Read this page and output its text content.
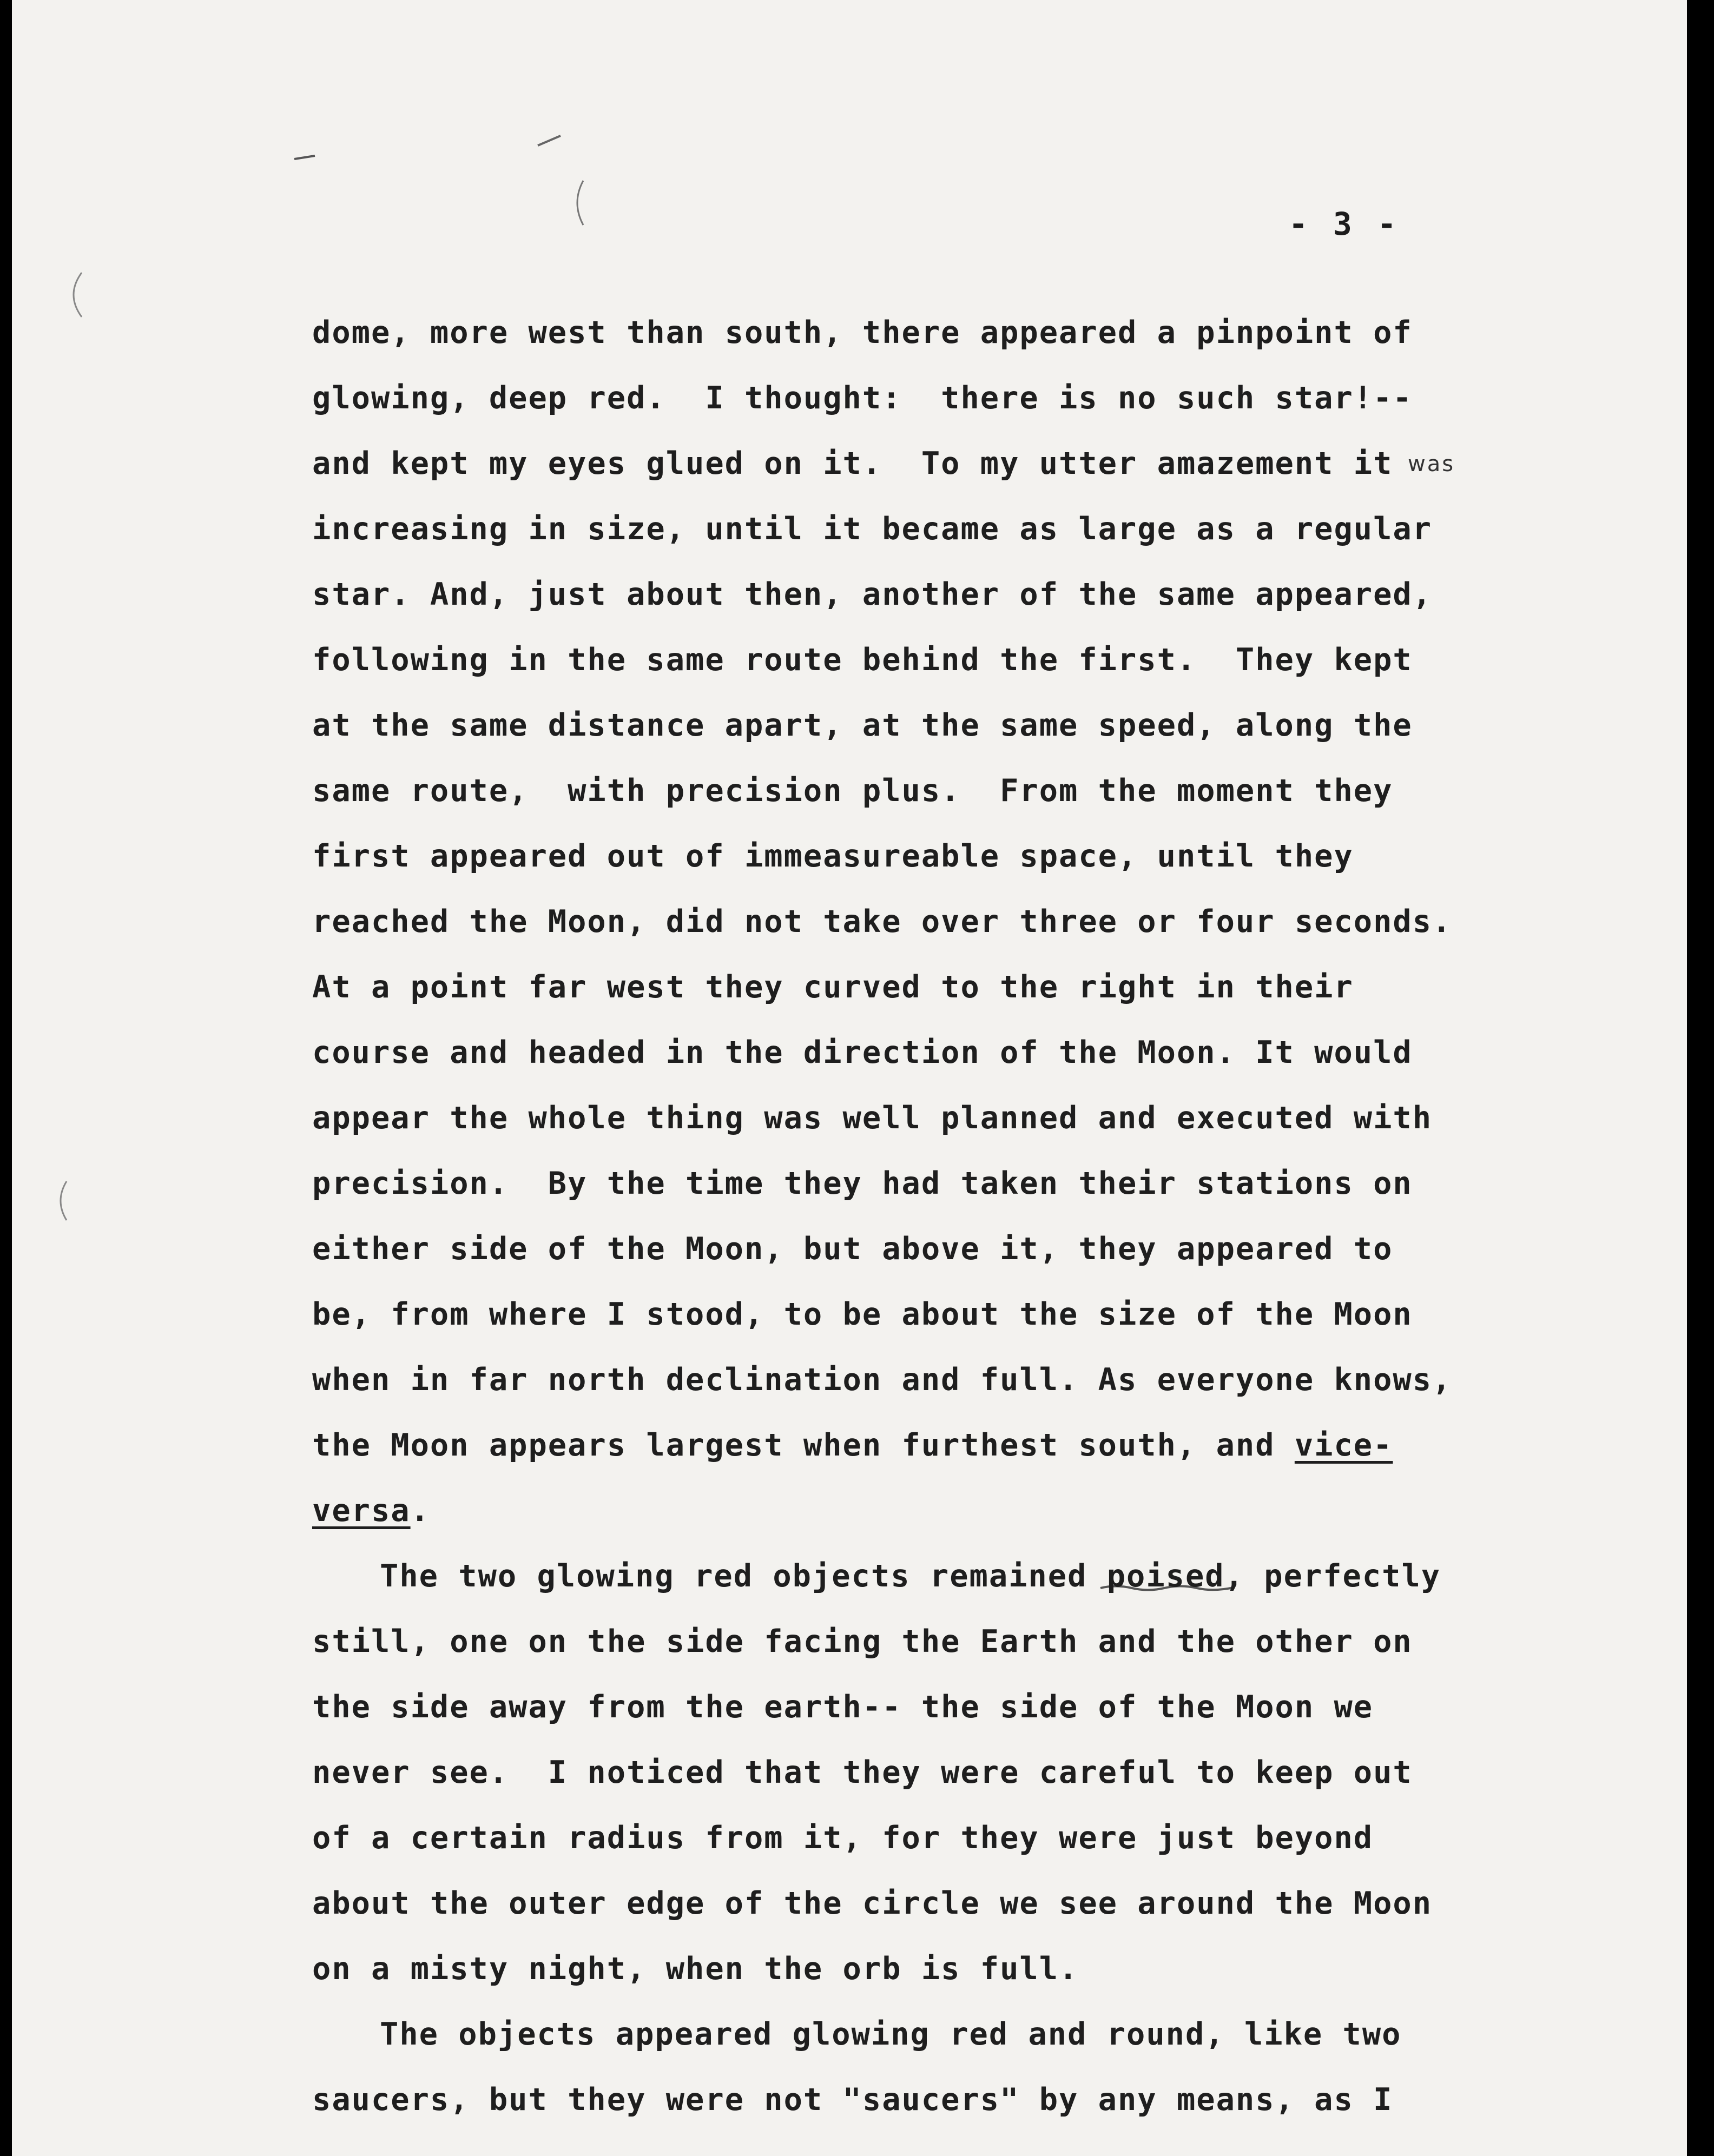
- 3 -
was
dome, more west than south, there appeared a pinpoint of
glowing, deep red.  I thought:  there is no such star!--
and kept my eyes glued on it.  To my utter amazement it
increasing in size, until it became as large as a regular
star. And, just about then, another of the same appeared,
following in the same route behind the first.  They kept
at the same distance apart, at the same speed, along the
same route,  with precision plus.  From the moment they
first appeared out of immeasureable space, until they
reached the Moon, did not take over three or four seconds.
At a point far west they curved to the right in their
course and headed in the direction of the Moon. It would
appear the whole thing was well planned and executed with
precision.  By the time they had taken their stations on
either side of the Moon, but above it, they appeared to
be, from where I stood, to be about the size of the Moon
when in far north declination and full. As everyone knows,
the Moon appears largest when furthest south, and vice-
versa.
The two glowing red objects remained poised, perfectly
still, one on the side facing the Earth and the other on
the side away from the earth-- the side of the Moon we
never see.  I noticed that they were careful to keep out
of a certain radius from it, for they were just beyond
about the outer edge of the circle we see around the Moon
on a misty night, when the orb is full.
The objects appeared glowing red and round, like two
saucers, but they were not "saucers" by any means, as I
